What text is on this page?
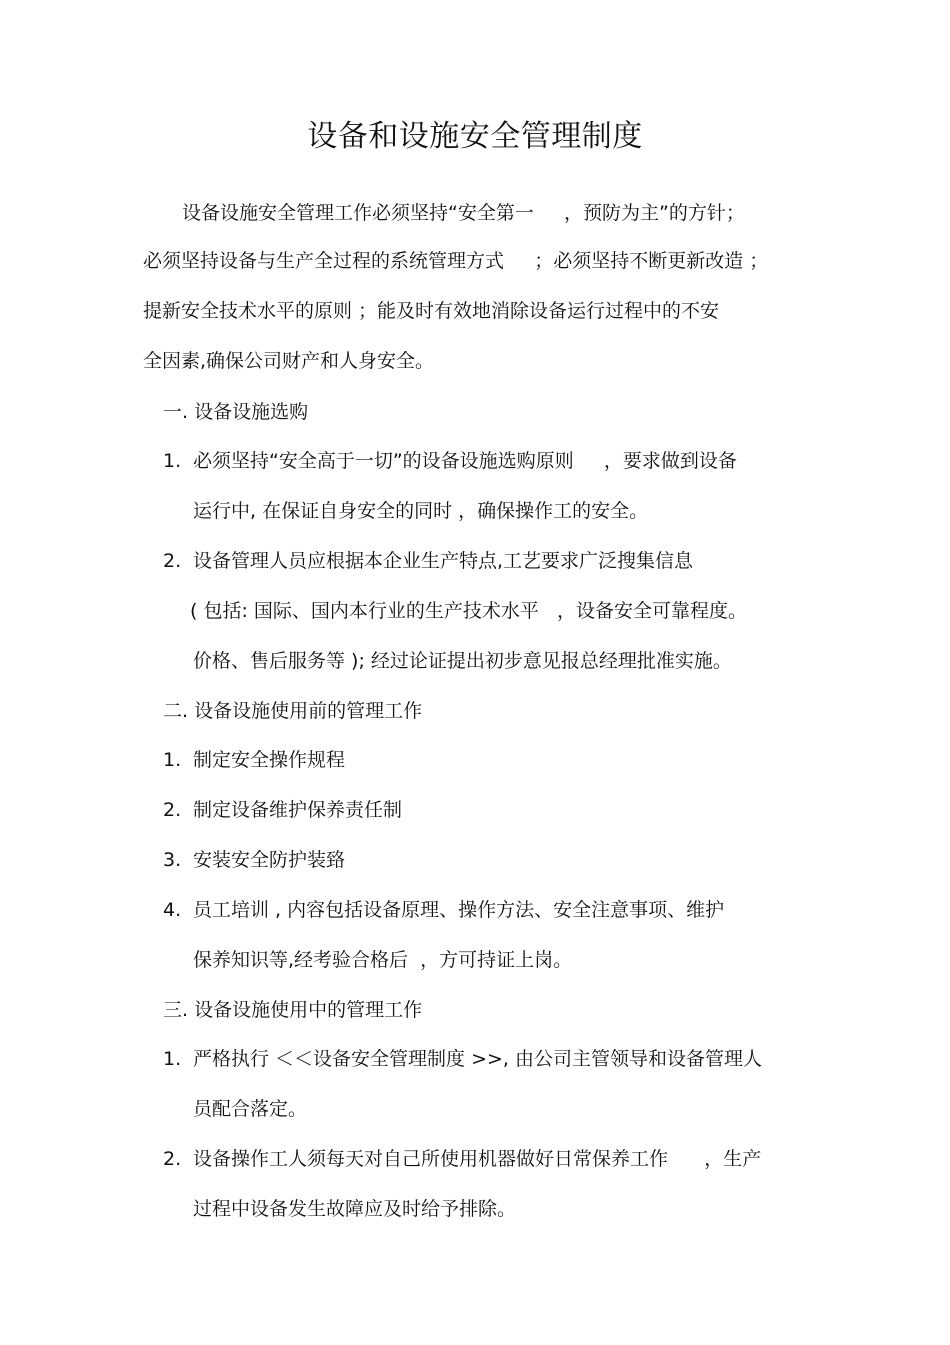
设备和设施安全管理制度
设备设施安全管理工作必须坚持“安全第一     ，预防为主”的方针；
必须坚持设备与生产全过程的系统管理方式     ；必须坚持不断更新改造 ；
提新安全技术水平的原则 ；能及时有效地消除设备运行过程中的不安
全因素,确保公司财产和人身安全。
一. 设备设施选购
1. 必须坚持“安全高于一切”的设备设施选购原则     ，要求做到设备
运行中, 在保证自身安全的同时 ，确保操作工的安全。
2. 设备管理人员应根据本企业生产特点,工艺要求广泛搜集信息
( 包括: 国际、国内本行业的生产技术水平   ，设备安全可靠程度。
价格、售后服务等 ); 经过论证提出初步意见报总经理批准实施。
二. 设备设施使用前的管理工作
1. 制定安全操作规程
2. 制定设备维护保养责任制
3. 安装安全防护装臵
4. 员工培训 , 内容包括设备原理、操作方法、安全注意事项、维护
保养知识等,经考验合格后  ，方可持证上岗。
三. 设备设施使用中的管理工作
1. 严格执行 ＜＜设备安全管理制度 >>, 由公司主管领导和设备管理人
员配合落定。
2. 设备操作工人须每天对自己所使用机器做好日常保养工作      ，生产
过程中设备发生故障应及时给予排除。
